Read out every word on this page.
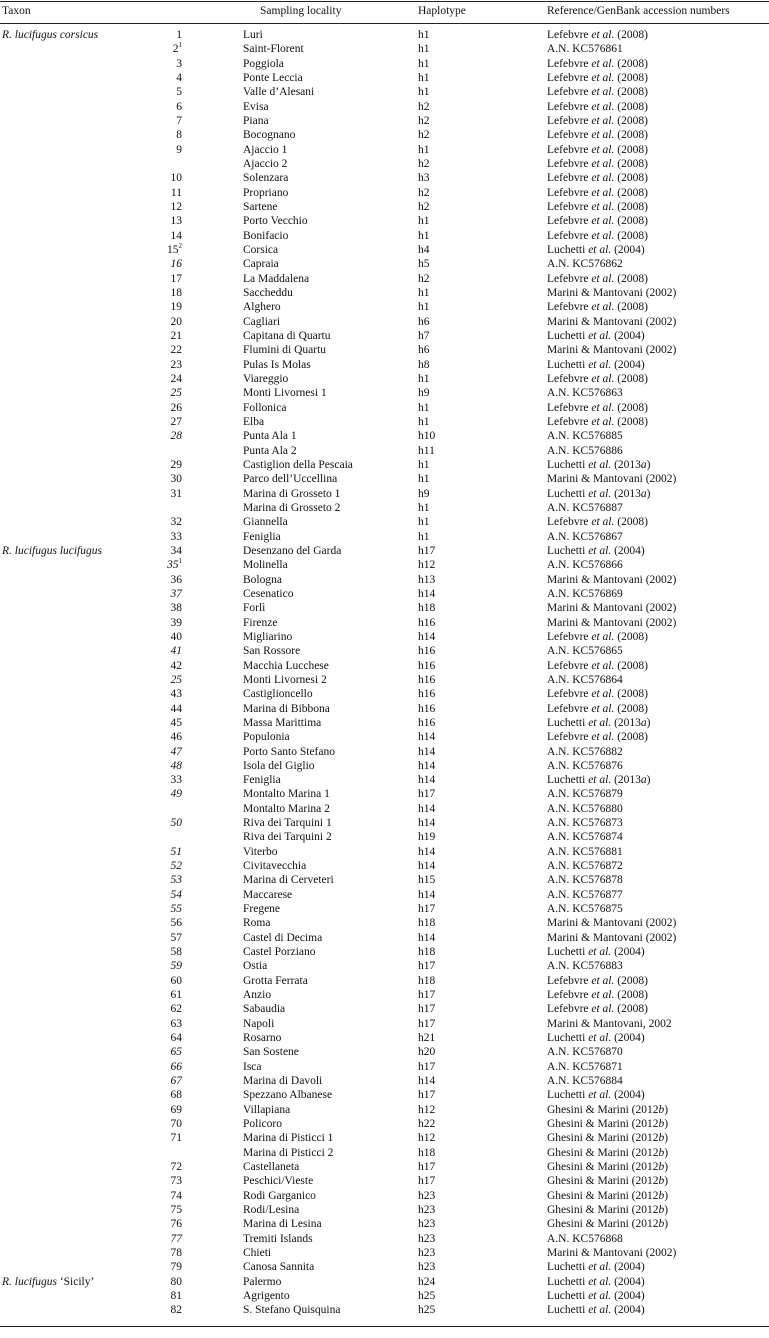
Taxon	Sampling locality	Haplotype	Reference/GenBank accession numbers
R. lucifugus corsicus	1	Luri	h1	Lefebvre et al. (2008)
$2^1$	Saint-Florent	h1	A.N. KC576861
3	Poggiola	h1	Lefebvre et al. (2008)
4	Ponte Leccia	h1	Lefebvre et al. (2008)
5	Valle d’Alesani	h1	Lefebvre et al. (2008)
6	Evisa	h2	Lefebvre et al. (2008)
7	Piana	h2	Lefebvre et al. (2008)
8	Bocognano	h2	Lefebvre et al. (2008)
9	Ajaccio 1	h1	Lefebvre et al. (2008)
Ajaccio 2	h2	Lefebvre et al. (2008)
10	Solenzara	h3	Lefebvre et al. (2008)
11	Propriano	h2	Lefebvre et al. (2008)
12	Sartene	h2	Lefebvre et al. (2008)
13	Porto Vecchio	h1	Lefebvre et al. (2008)
14	Bonifacio	h1	Lefebvre et al. (2008)
$15^2$	Corsica	h4	Luchetti et al. (2004)
16	Capraia	h5	A.N. KC576862
17	La Maddalena	h2	Lefebvre et al. (2008)
18	Saccheddu	h1	Marini & Mantovani (2002)
19	Alghero	h1	Lefebvre et al. (2008)
20	Cagliari	h6	Marini & Mantovani (2002)
21	Capitana di Quartu	h7	Luchetti et al. (2004)
22	Flumini di Quartu	h6	Marini & Mantovani (2002)
23	Pulas Is Molas	h8	Luchetti et al. (2004)
24	Viareggio	h1	Lefebvre et al. (2008)
25	Monti Livornesi 1	h9	A.N. KC576863
26	Follonica	h1	Lefebvre et al. (2008)
27	Elba	h1	Lefebvre et al. (2008)
28	Punta Ala 1	h10	A.N. KC576885
Punta Ala 2	h11	A.N. KC576886
29	Castiglion della Pescaia	h1	Luchetti et al. (2013a)
30	Parco dell’Uccellina	h1	Marini & Mantovani (2002)
31	Marina di Grosseto 1	h9	Luchetti et al. (2013a)
Marina di Grosseto 2	h1	A.N. KC576887
32	Giannella	h1	Lefebvre et al. (2008)
33	Feniglia	h1	A.N. KC576867
R. lucifugus lucifugus	34	Desenzano del Garda	h17	Luchetti et al. (2004)
$35^1$	Molinella	h12	A.N. KC576866
36	Bologna	h13	Marini & Mantovani (2002)
37	Cesenatico	h14	A.N. KC576869
38	Forlì	h18	Marini & Mantovani (2002)
39	Firenze	h16	Marini & Mantovani (2002)
40	Migliarino	h14	Lefebvre et al. (2008)
41	San Rossore	h16	A.N. KC576865
42	Macchia Lucchese	h16	Lefebvre et al. (2008)
25	Monti Livornesi 2	h16	A.N. KC576864
43	Castiglioncello	h16	Lefebvre et al. (2008)
44	Marina di Bibbona	h16	Lefebvre et al. (2008)
45	Massa Marittima	h16	Luchetti et al. (2013a)
46	Populonia	h14	Lefebvre et al. (2008)
47	Porto Santo Stefano	h14	A.N. KC576882
48	Isola del Giglio	h14	A.N. KC576876
33	Feniglia	h14	Luchetti et al. (2013a)
49	Montalto Marina 1	h17	A.N. KC576879
Montalto Marina 2	h14	A.N. KC576880
50	Riva dei Tarquini 1	h14	A.N. KC576873
Riva dei Tarquini 2	h19	A.N. KC576874
51	Viterbo	h14	A.N. KC576881
52	Civitavecchia	h14	A.N. KC576872
53	Marina di Cerveteri	h15	A.N. KC576878
54	Maccarese	h14	A.N. KC576877
55	Fregene	h17	A.N. KC576875
56	Roma	h18	Marini & Mantovani (2002)
57	Castel di Decima	h14	Marini & Mantovani (2002)
58	Castel Porziano	h18	Luchetti et al. (2004)
59	Ostia	h17	A.N. KC576883
60	Grotta Ferrata	h18	Lefebvre et al. (2008)
61	Anzio	h17	Lefebvre et al. (2008)
62	Sabaudia	h17	Lefebvre et al. (2008)
63	Napoli	h17	Marini & Mantovani, 2002
64	Rosarno	h21	Luchetti et al. (2004)
65	San Sostene	h20	A.N. KC576870
66	Isca	h17	A.N. KC576871
67	Marina di Davoli	h14	A.N. KC576884
68	Spezzano Albanese	h17	Luchetti et al. (2004)
69	Villapiana	h12	Ghesini & Marini (2012b)
70	Policoro	h22	Ghesini & Marini (2012b)
71	Marina di Pisticci 1	h12	Ghesini & Marini (2012b)
Marina di Pisticci 2	h18	Ghesini & Marini (2012b)
72	Castellaneta	h17	Ghesini & Marini (2012b)
73	Peschici/Vieste	h17	Ghesini & Marini (2012b)
74	Rodi Garganico	h23	Ghesini & Marini (2012b)
75	Rodi/Lesina	h23	Ghesini & Marini (2012b)
76	Marina di Lesina	h23	Ghesini & Marini (2012b)
77	Tremiti Islands	h23	A.N. KC576868
78	Chieti	h23	Marini & Mantovani (2002)
79	Canosa Sannita	h23	Luchetti et al. (2004)
R. lucifugus ‘Sicily’	80	Palermo	h24	Luchetti et al. (2004)
81	Agrigento	h25	Luchetti et al. (2004)
82	S. Stefano Quisquina	h25	Luchetti et al. (2004)
